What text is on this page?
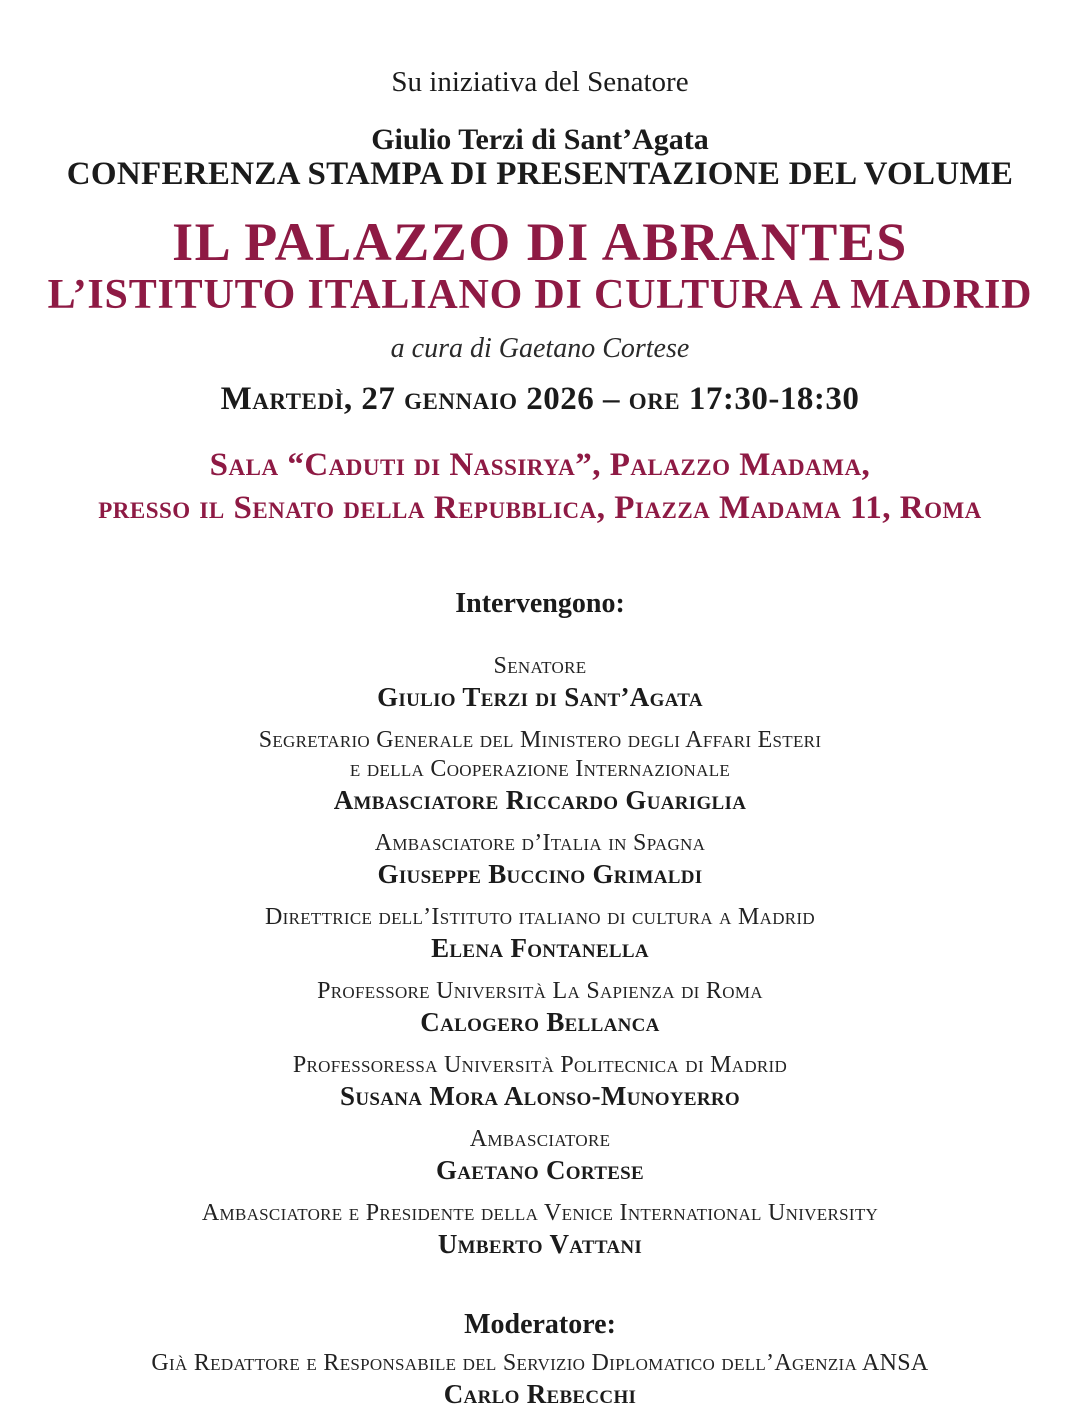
Su iniziativa del Senatore

Giulio Terzi di Sant’Agata

CONFERENZA STAMPA DI PRESENTAZIONE DEL VOLUME

IL PALAZZO DI ABRANTES
L’ISTITUTO ITALIANO DI CULTURA A MADRID

a cura di Gaetano Cortese

Martedì, 27 gennaio 2026 – ore 17:30-18:30

Sala “Caduti di Nassirya”, Palazzo Madama,
presso il Senato della Repubblica, Piazza Madama 11, Roma
Intervengono:
Senatore
Giulio Terzi di Sant’Agata
Segretario Generale del Ministero degli Affari Esteri
e della Cooperazione Internazionale
Ambasciatore Riccardo Guariglia
Ambasciatore d’Italia in Spagna
Giuseppe Buccino Grimaldi
Direttrice dell’Istituto italiano di cultura a Madrid
Elena Fontanella
Professore Università La Sapienza di Roma
Calogero Bellanca
Professoressa Università Politecnica di Madrid
Susana Mora Alonso-Munoyerro
Ambasciatore
Gaetano Cortese
Ambasciatore e Presidente della Venice International University
Umberto Vattani
Moderatore:
Già Redattore e Responsabile del Servizio Diplomatico dell’Agenzia ANSA
Carlo Rebecchi
